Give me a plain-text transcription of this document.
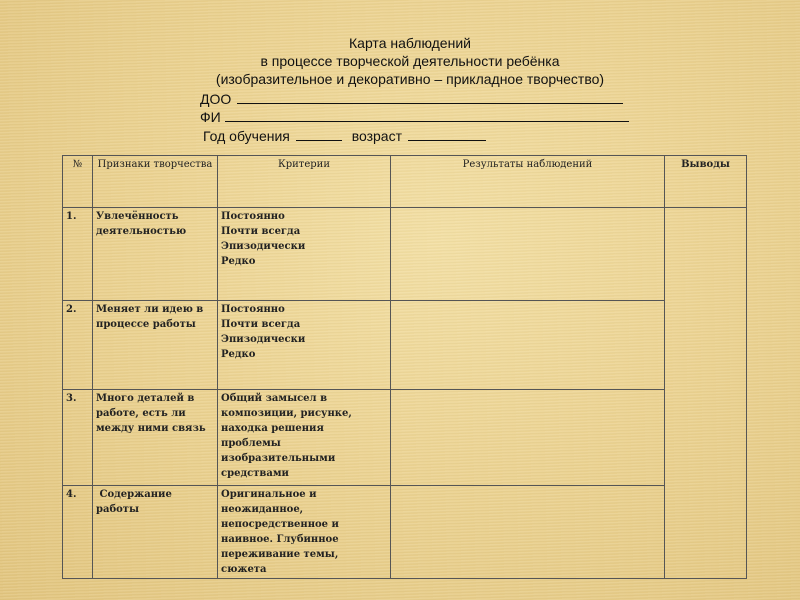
Карта наблюдений
в процессе творческой деятельности ребёнка
(изобразительное и декоративно – прикладное творчество)
ДОО
ФИ
Год обучения	возраст
№	Признаки творчества	Критерии	Результаты наблюдений	Выводы
1.	Увлечённость деятельностью	Постоянно
Почти всегда
Эпизодически
Редко		

2.	Меняет ли идею в процессе работы	Постоянно
Почти всегда
Эпизодически
Редко		

3.	Много деталей в работе, есть ли между ними связь	Общий замысел в композиции, рисунке, находка решения проблемы изобразительными средствами		
4.	Содержание работы	Оригинальное и неожиданное, непосредственное и наивное. Глубинное переживание темы, сюжета		
